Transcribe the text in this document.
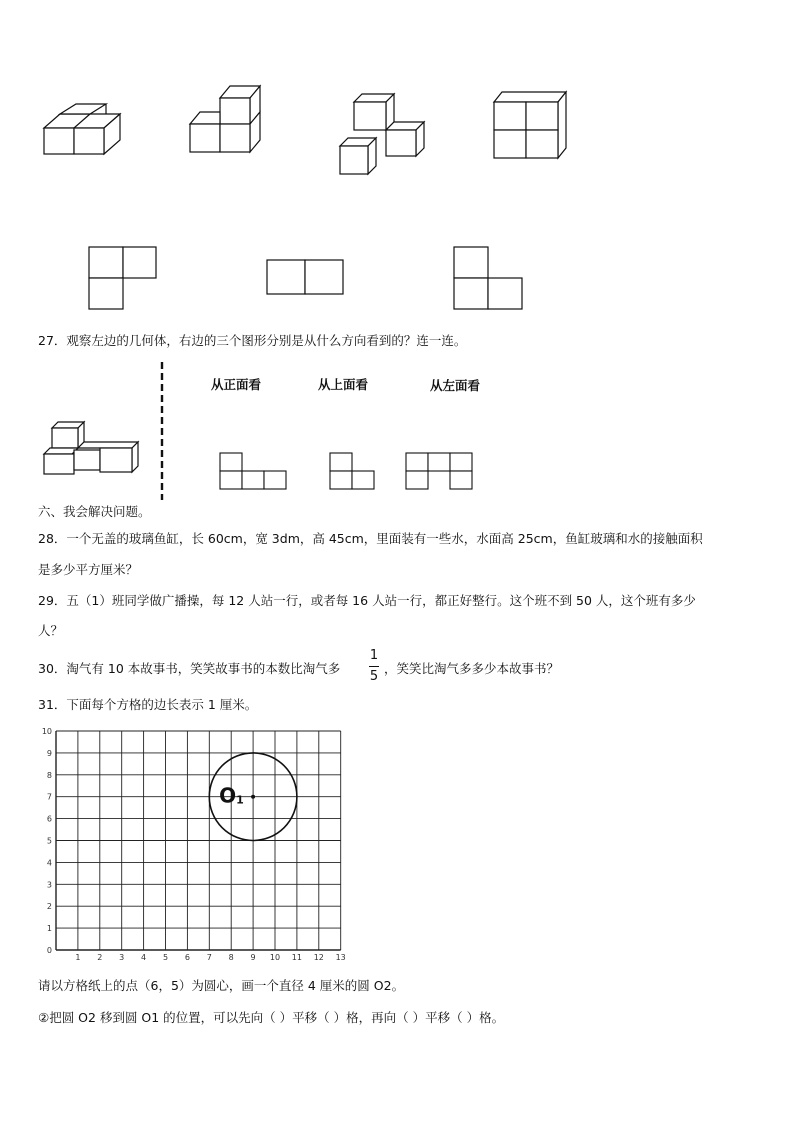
27．观察左边的几何体，右边的三个图形分别是从什么方向看到的？连一连。
从正面看	从上面看	从左面看
六、我会解决问题。
28．一个无盖的玻璃鱼缸，长 60cm，宽 3dm，高 45cm，里面装有一些水，水面高 25cm，鱼缸玻璃和水的接触面积
是多少平方厘米？
29．五（1）班同学做广播操，每 12 人站一行，或者每 16 人站一行，都正好整行。这个班不到 50 人，这个班有多少
人？
30．淘气有 10 本故事书，笑笑故事书的本数比淘气多
1
5
，笑笑比淘气多多少本故事书？
31．下面每个方格的边长表示 1 厘米。
1 2 3 4 5 6 7 8 9 10 11 12 13
0
1
2
3
4
5
6
7
8
9
10
O 1
请以方格纸上的点（6，5）为圆心，画一个直径 4 厘米的圆 O2。
②把圆 O2 移到圆 O1 的位置，可以先向（ ）平移（ ）格，再向（ ）平移（ ）格。
